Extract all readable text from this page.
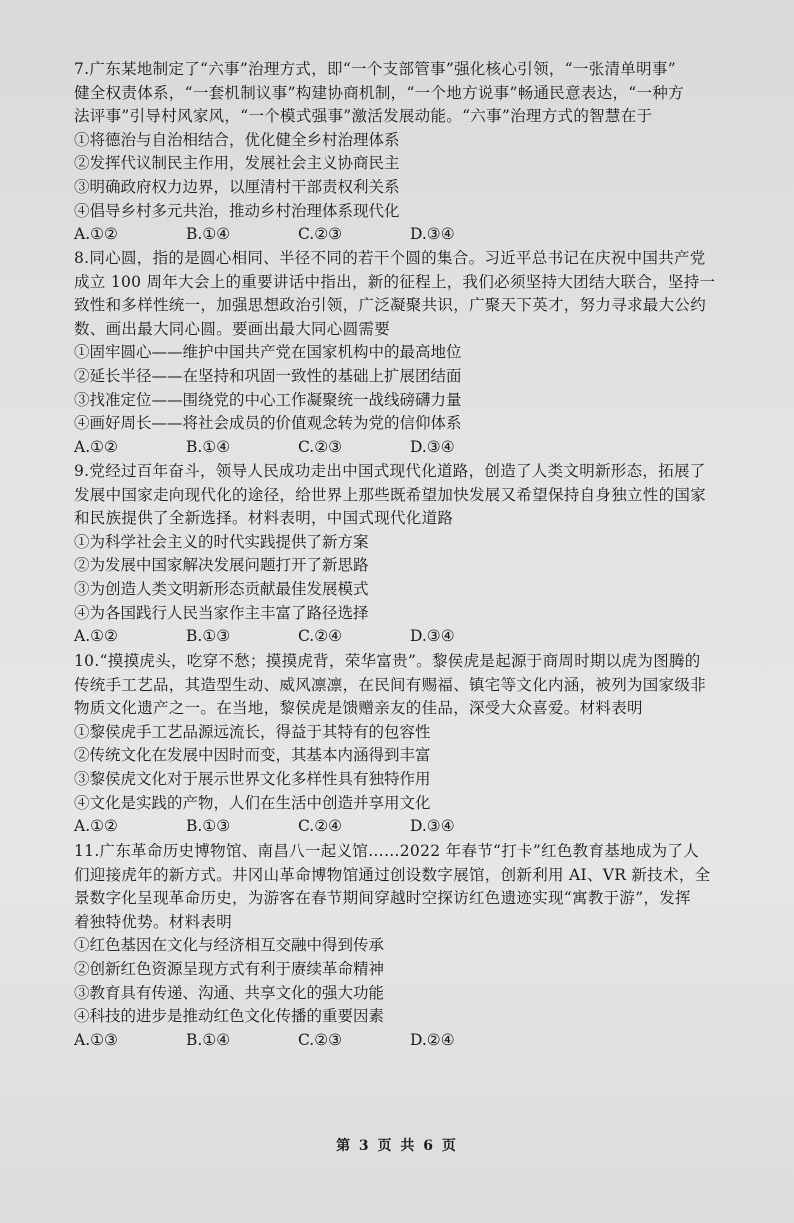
7.广东某地制定了“六事”治理方式，即“一个支部管事”强化核心引领，“一张清单明事”
健全权责体系，“一套机制议事”构建协商机制，“一个地方说事”畅通民意表达，“一种方
法评事”引导村风家风，“一个模式强事”激活发展动能。“六事”治理方式的智慧在于
①将德治与自治相结合，优化健全乡村治理体系
②发挥代议制民主作用，发展社会主义协商民主
③明确政府权力边界，以厘清村干部责权利关系
④倡导乡村多元共治，推动乡村治理体系现代化
A.①②	B.①④	C.②③	D.③④
8.同心圆，指的是圆心相同、半径不同的若干个圆的集合。习近平总书记在庆祝中国共产党
成立 100 周年大会上的重要讲话中指出，新的征程上，我们必须坚持大团结大联合，坚持一
致性和多样性统一，加强思想政治引领，广泛凝聚共识，广聚天下英才，努力寻求最大公约
数、画出最大同心圆。要画出最大同心圆需要
①固牢圆心——维护中国共产党在国家机构中的最高地位
②延长半径——在坚持和巩固一致性的基础上扩展团结面
③找准定位——围绕党的中心工作凝聚统一战线磅礴力量
④画好周长——将社会成员的价值观念转为党的信仰体系
A.①②	B.①④	C.②③	D.③④
9.党经过百年奋斗，领导人民成功走出中国式现代化道路，创造了人类文明新形态，拓展了
发展中国家走向现代化的途径，给世界上那些既希望加快发展又希望保持自身独立性的国家
和民族提供了全新选择。材料表明，中国式现代化道路
①为科学社会主义的时代实践提供了新方案
②为发展中国家解决发展问题打开了新思路
③为创造人类文明新形态贡献最佳发展模式
④为各国践行人民当家作主丰富了路径选择
A.①②	B.①③	C.②④	D.③④
10.“摸摸虎头，吃穿不愁；摸摸虎背，荣华富贵”。黎侯虎是起源于商周时期以虎为图腾的
传统手工艺品，其造型生动、威风凛凛，在民间有赐福、镇宅等文化内涵，被列为国家级非
物质文化遗产之一。在当地，黎侯虎是馈赠亲友的佳品，深受大众喜爱。材料表明
①黎侯虎手工艺品源远流长，得益于其特有的包容性
②传统文化在发展中因时而变，其基本内涵得到丰富
③黎侯虎文化对于展示世界文化多样性具有独特作用
④文化是实践的产物，人们在生活中创造并享用文化
A.①②	B.①③	C.②④	D.③④
11.广东革命历史博物馆、南昌八一起义馆……2022 年春节“打卡”红色教育基地成为了人
们迎接虎年的新方式。井冈山革命博物馆通过创设数字展馆，创新利用 AI、VR 新技术，全
景数字化呈现革命历史，为游客在春节期间穿越时空探访红色遗迹实现“寓教于游”，发挥
着独特优势。材料表明
①红色基因在文化与经济相互交融中得到传承
②创新红色资源呈现方式有利于赓续革命精神
③教育具有传递、沟通、共享文化的强大功能
④科技的进步是推动红色文化传播的重要因素
A.①③	B.①④	C.②③	D.②④
第 3 页 共 6 页
